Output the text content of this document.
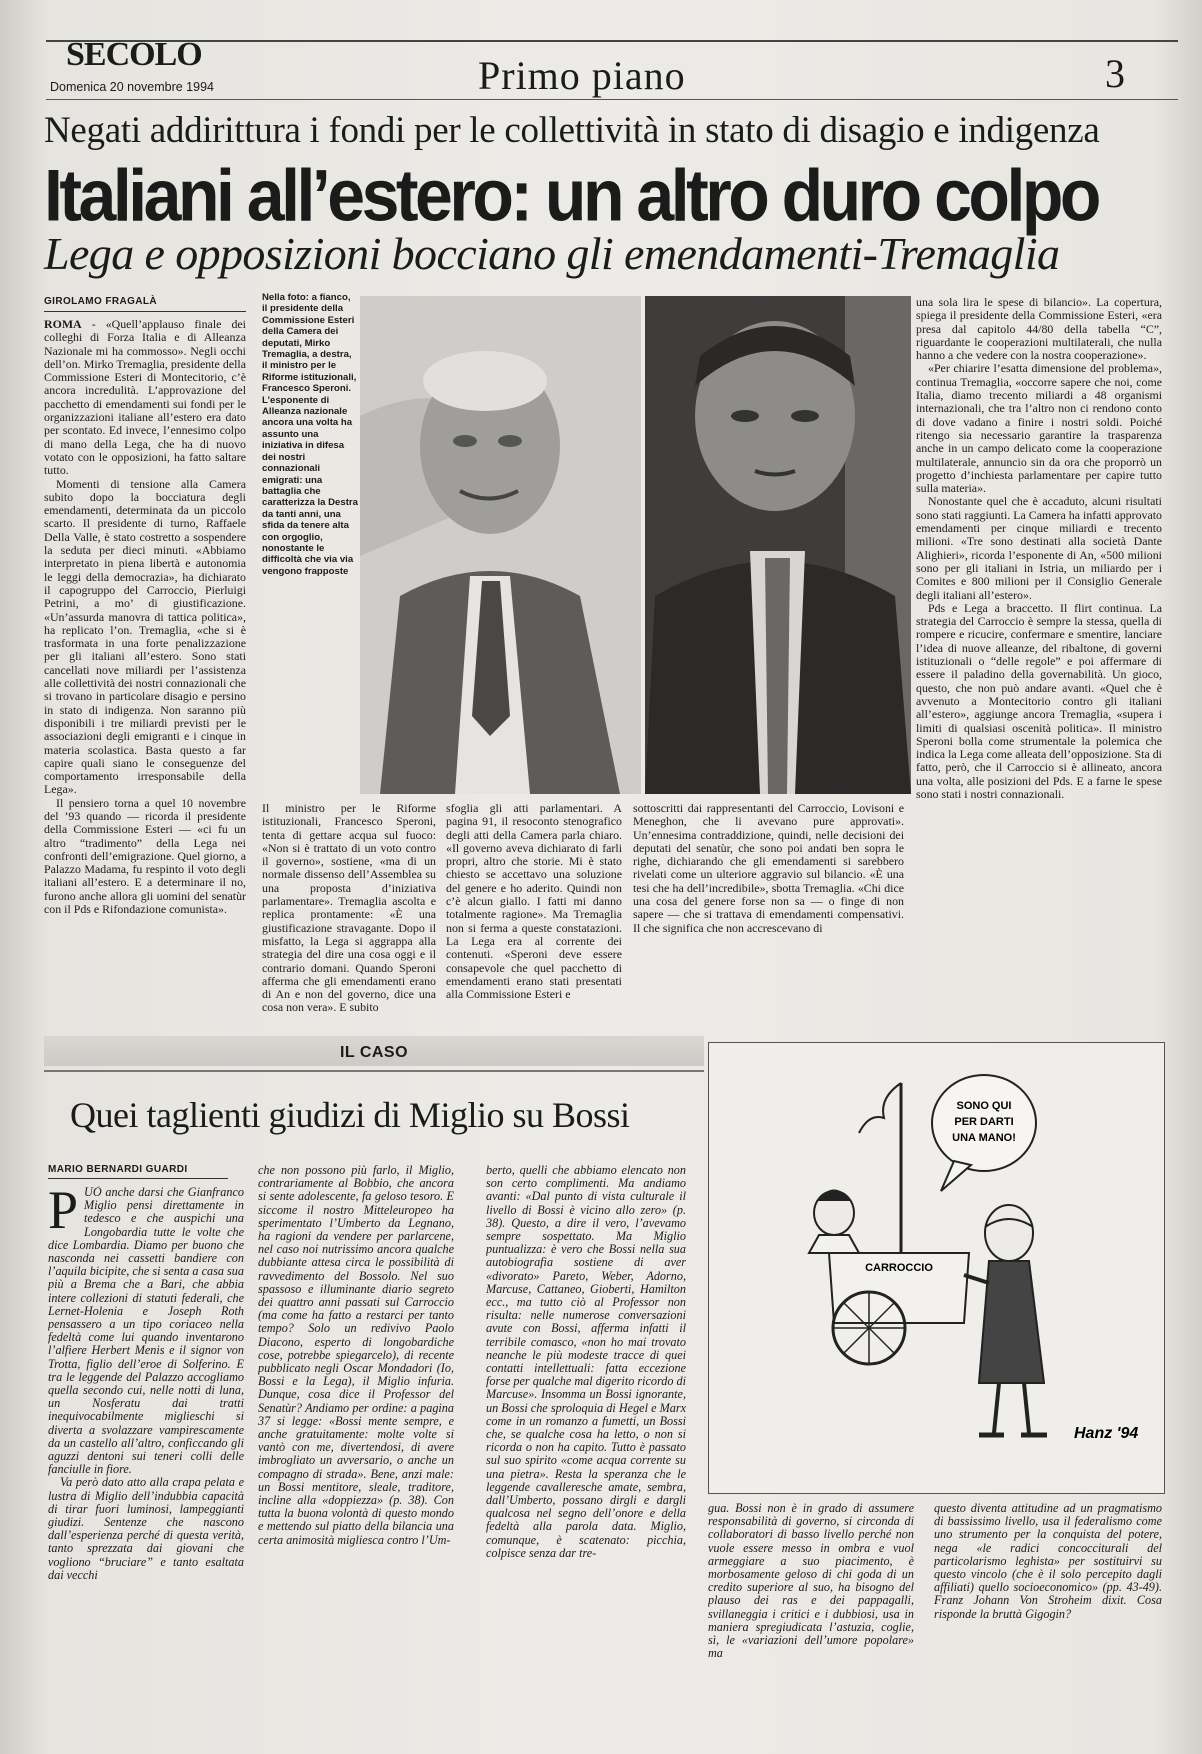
SECOLO
Domenica 20 novembre 1994	Primo piano	3
Negati addirittura i fondi per le collettività in stato di disagio e indigenza
Italiani all’estero: un altro duro colpo
Lega e opposizioni bocciano gli emendamenti-Tremaglia
GIROLAMO FRAGALÀ

ROMA - «Quell’applauso finale dei colleghi di Forza Italia e di Alleanza Nazionale mi ha commosso». Negli occhi dell’on. Mirko Tremaglia, presidente della Commissione Esteri di Montecitorio, c’è ancora incredulità. L’approvazione del pacchetto di emendamenti sui fondi per le organizzazioni italiane all’estero era dato per scontato. Ed invece, l’ennesimo colpo di mano della Lega, che ha di nuovo votato con le opposizioni, ha fatto saltare tutto.

Momenti di tensione alla Camera subito dopo la bocciatura degli emendamenti, determinata da un piccolo scarto. Il presidente di turno, Raffaele Della Valle, è stato costretto a sospendere la seduta per dieci minuti. «Abbiamo interpretato in piena libertà e autonomia le leggi della democrazia», ha dichiarato il capogruppo del Carroccio, Pierluigi Petrini, a mo’ di giustificazione. «Un’assurda manovra di tattica politica», ha replicato l’on. Tremaglia, «che si è trasformata in una forte penalizzazione per gli italiani all’estero. Sono stati cancellati nove miliardi per l’assistenza alle collettività dei nostri connazionali che si trovano in particolare disagio e persino in stato di indigenza. Non saranno più disponibili i tre miliardi previsti per le associazioni degli emigranti e i cinque in materia scolastica. Basta questo a far capire quali siano le conseguenze del comportamento irresponsabile della Lega».

Il pensiero torna a quel 10 novembre del ’93 quando — ricorda il presidente della Commissione Esteri — «ci fu un altro “tradimento” della Lega nei confronti dell’emigrazione. Quel giorno, a Palazzo Madama, fu respinto il voto degli italiani all’estero. E a determinare il no, furono anche allora gli uomini del senatùr con il Pds e Rifondazione comunista».

Nella foto: a fianco, il presidente della Commissione Esteri della Camera dei deputati, Mirko Tremaglia, a destra, il ministro per le Riforme istituzionali, Francesco Speroni. L’esponente di Alleanza nazionale ancora una volta ha assunto una iniziativa in difesa dei nostri connazionali emigrati: una battaglia che caratterizza la Destra da tanti anni, una sfida da tenere alta con orgoglio, nonostante le difficoltà che via via vengono frapposte

Il ministro per le Riforme istituzionali, Francesco Speroni, tenta di gettare acqua sul fuoco: «Non si è trattato di un voto contro il governo», sostiene, «ma di un normale dissenso dell’Assemblea su una proposta d’iniziativa parlamentare». Tremaglia ascolta e replica prontamente: «È una giustificazione stravagante. Dopo il misfatto, la Lega si aggrappa alla strategia del dire una cosa oggi e il contrario domani. Quando Speroni afferma che gli emendamenti erano di An e non del governo, dice una cosa non vera». E subito

sfoglia gli atti parlamentari. A pagina 91, il resoconto stenografico degli atti della Camera parla chiaro. «Il governo aveva dichiarato di farli propri, altro che storie. Mi è stato chiesto se accettavo una soluzione del genere e ho aderito. Quindi non c’è alcun giallo. I fatti mi danno totalmente ragione». Ma Tremaglia non si ferma a queste constatazioni. La Lega era al corrente dei contenuti. «Speroni deve essere consapevole che quel pacchetto di emendamenti erano stati presentati alla Commissione Esteri e

sottoscritti dai rappresentanti del Carroccio, Lovisoni e Meneghon, che li avevano pure approvati». Un’ennesima contraddizione, quindi, nelle decisioni dei deputati del senatùr, che sono poi andati ben sopra le righe, dichiarando che gli emendamenti si sarebbero rivelati come un ulteriore aggravio sul bilancio. «È una tesi che ha dell’incredibile», sbotta Tremaglia. «Chi dice una cosa del genere forse non sa — o finge di non sapere — che si trattava di emendamenti compensativi. Il che significa che non accrescevano di

una sola lira le spese di bilancio». La copertura, spiega il presidente della Commissione Esteri, «era presa dal capitolo 44/80 della tabella “C”, riguardante le cooperazioni multilaterali, che nulla hanno a che vedere con la nostra cooperazione».

«Per chiarire l’esatta dimensione del problema», continua Tremaglia, «occorre sapere che noi, come Italia, diamo trecento miliardi a 48 organismi internazionali, che tra l’altro non ci rendono conto di dove vadano a finire i nostri soldi. Poiché ritengo sia necessario garantire la trasparenza anche in un campo delicato come la cooperazione multilaterale, annuncio sin da ora che proporrò un progetto d’inchiesta parlamentare per capire tutto sulla materia».

Nonostante quel che è accaduto, alcuni risultati sono stati raggiunti. La Camera ha infatti approvato emendamenti per cinque miliardi e trecento milioni. «Tre sono destinati alla società Dante Alighieri», ricorda l’esponente di An, «500 milioni sono per gli italiani in Istria, un miliardo per i Comites e 800 milioni per il Consiglio Generale degli italiani all’estero».

Pds e Lega a braccetto. Il flirt continua. La strategia del Carroccio è sempre la stessa, quella di rompere e ricucire, confermare e smentire, lanciare l’idea di nuove alleanze, del ribaltone, di governi istituzionali o “delle regole” e poi affermare di essere il paladino della governabilità. Un gioco, questo, che non può andare avanti. «Quel che è avvenuto a Montecitorio contro gli italiani all’estero», aggiunge ancora Tremaglia, «supera i limiti di qualsiasi oscenità politica». Il ministro Speroni bolla come strumentale la polemica che indica la Lega come alleata dell’opposizione. Sta di fatto, però, che il Carroccio si è allineato, ancora una volta, alle posizioni del Pds. E a farne le spese sono stati i nostri connazionali.

IL CASO
Quei taglienti giudizi di Miglio su Bossi
MARIO BERNARDI GUARDI

PUÒ anche darsi che Gianfranco Miglio pensi direttamente in tedesco e che auspichi una Longobardia tutte le volte che dice Lombardia. Diamo per buono che nasconda nei cassetti bandiere con l’aquila bicipite, che si senta a casa sua più a Brema che a Bari, che abbia intere collezioni di statuti federali, che Lernet-Holenia e Joseph Roth pensassero a un tipo coriaceo nella fedeltà come lui quando inventarono l’alfiere Herbert Menis e il signor von Trotta, figlio dell’eroe di Solferino. E tra le leggende del Palazzo accogliamo quella secondo cui, nelle notti di luna, un Nosferatu dai tratti inequivocabilmente miglieschi si diverta a svolazzare vampirescamente da un castello all’altro, conficcando gli aguzzi dentoni sui teneri colli delle fanciulle in fiore.

Va però dato atto alla crapa pelata e lustra di Miglio dell’indubbia capacità di tirar fuori luminosi, lampeggianti giudizi. Sentenze che nascono dall’esperienza perché di questa verità, tanto sprezzata dai giovani che vogliono “bruciare” e tanto esaltata dai vecchi

che non possono più farlo, il Miglio, contrariamente al Bobbio, che ancora si sente adolescente, fa geloso tesoro. E siccome il nostro Mitteleuropeo ha sperimentato l’Umberto da Legnano, ha ragioni da vendere per parlarcene, nel caso noi nutrissimo ancora qualche dubbiante attesa circa le possibilità di ravvedimento del Bossolo. Nel suo spassoso e illuminante diario segreto dei quattro anni passati sul Carroccio (ma come ha fatto a restarci per tanto tempo? Solo un redivivo Paolo Diacono, esperto di longobardiche cose, potrebbe spiegarcelo), di recente pubblicato negli Oscar Mondadori (Io, Bossi e la Lega), il Miglio infuria. Dunque, cosa dice il Professor del Senatùr? Andiamo per ordine: a pagina 37 si legge: «Bossi mente sempre, e anche gratuitamente: molte volte si vantò con me, divertendosi, di avere imbrogliato un avversario, o anche un compagno di strada». Bene, anzi male: un Bossi mentitore, sleale, traditore, incline alla «doppiezza» (p. 38). Con tutta la buona volontà di questo mondo e mettendo sul piatto della bilancia una certa animosità migliesca contro l’Um-

berto, quelli che abbiamo elencato non son certo complimenti. Ma andiamo avanti: «Dal punto di vista culturale il livello di Bossi è vicino allo zero» (p. 38). Questo, a dire il vero, l’avevamo sempre sospettato. Ma Miglio puntualizza: è vero che Bossi nella sua autobiografia sostiene di aver «divorato» Pareto, Weber, Adorno, Marcuse, Cattaneo, Gioberti, Hamilton ecc., ma tutto ciò al Professor non risulta: nelle numerose conversazioni avute con Bossi, afferma infatti il terribile comasco, «non ho mai trovato neanche le più modeste tracce di quei contatti intellettuali: fatta eccezione forse per qualche mal digerito ricordo di Marcuse». Insomma un Bossi ignorante, un Bossi che sproloquia di Hegel e Marx come in un romanzo a fumetti, un Bossi che, se qualche cosa ha letto, o non si ricorda o non ha capito. Tutto è passato sul suo spirito «come acqua corrente su una pietra». Resta la speranza che le leggende cavalleresche amate, sembra, dall’Umberto, possano dirgli e dargli qualcosa nel segno dell’onore e della fedeltà alla parola data. Miglio, comunque, è scatenato: picchia, colpisce senza dar tre-

gua. Bossi non è in grado di assumere responsabilità di governo, si circonda di collaboratori di basso livello perché non vuole essere messo in ombra e vuol armeggiare a suo piacimento, è morbosamente geloso di chi goda di un credito superiore al suo, ha bisogno del plauso dei ras e dei pappagalli, svillaneggia i critici e i dubbiosi, usa in maniera spregiudicata l’astuzia, coglie, sì, le «variazioni dell’umore popolare» ma

questo diventa attitudine ad un pragmatismo di bassissimo livello, usa il federalismo come uno strumento per la conquista del potere, nega «le radici concocciturali del particolarismo leghista» per sostituirvi su questo vincolo (che è il solo percepito dagli affiliati) quello socioeconomico» (pp. 43-49). Franz Johann Von Stroheim dixit. Cosa risponde la bruttà Gigogin?

SONO QUI
PER DARTI
UNA MANO!
CARROCCIO
Hanz '94
